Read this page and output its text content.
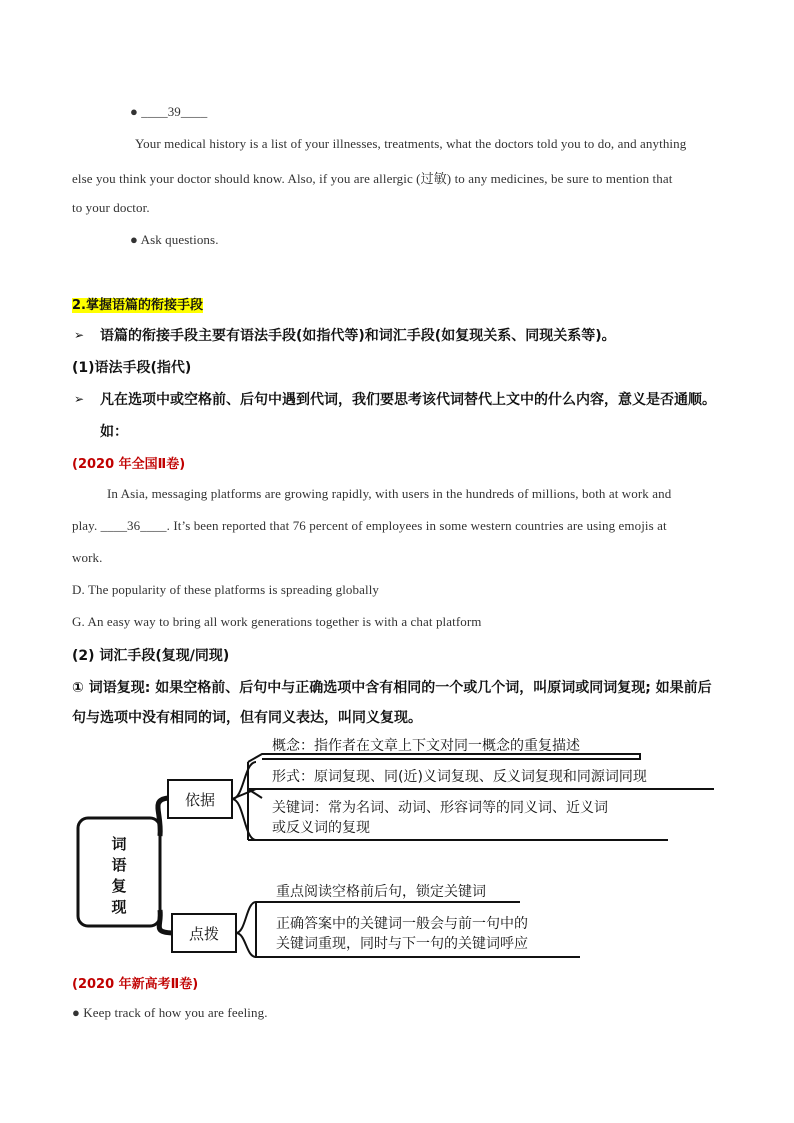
● ____39____
Your medical history is a list of your illnesses, treatments, what the doctors told you to do, and anything
else you think your doctor should know. Also, if you are allergic (过敏) to any medicines, be sure to mention that
to your doctor.
● Ask questions.
2.掌握语篇的衔接手段
➢ 语篇的衔接手段主要有语法手段(如指代等)和词汇手段(如复现关系、同现关系等)。
(1)语法手段(指代)
➢ 凡在选项中或空格前、后句中遇到代词，我们要思考该代词替代上文中的什么内容，意义是否通顺。
如：
(2020 年全国Ⅱ卷)
In Asia, messaging platforms are growing rapidly, with users in the hundreds of millions, both at work and
play. ____36____. It’s been reported that 76 percent of employees in some western countries are using emojis at
work.
D. The popularity of these platforms is spreading globally
G. An easy way to bring all work generations together is with a chat platform
(2) 词汇手段(复现/同现)
① 词语复现: 如果空格前、后句中与正确选项中含有相同的一个或几个词，叫原词或同词复现; 如果前后
句与选项中没有相同的词，但有同义表达，叫同义复现。
词
语
复
现
依据
点拨
概念：指作者在文章上下文对同一概念的重复描述
形式：原词复现、同(近)义词复现、反义词复现和同源词同现
关键词：常为名词、动词、形容词等的同义词、近义词
或反义词的复现
重点阅读空格前后句，锁定关键词
正确答案中的关键词一般会与前一句中的
关键词重现，同时与下一句的关键词呼应
(2020 年新高考Ⅱ卷)
● Keep track of how you are feeling.
